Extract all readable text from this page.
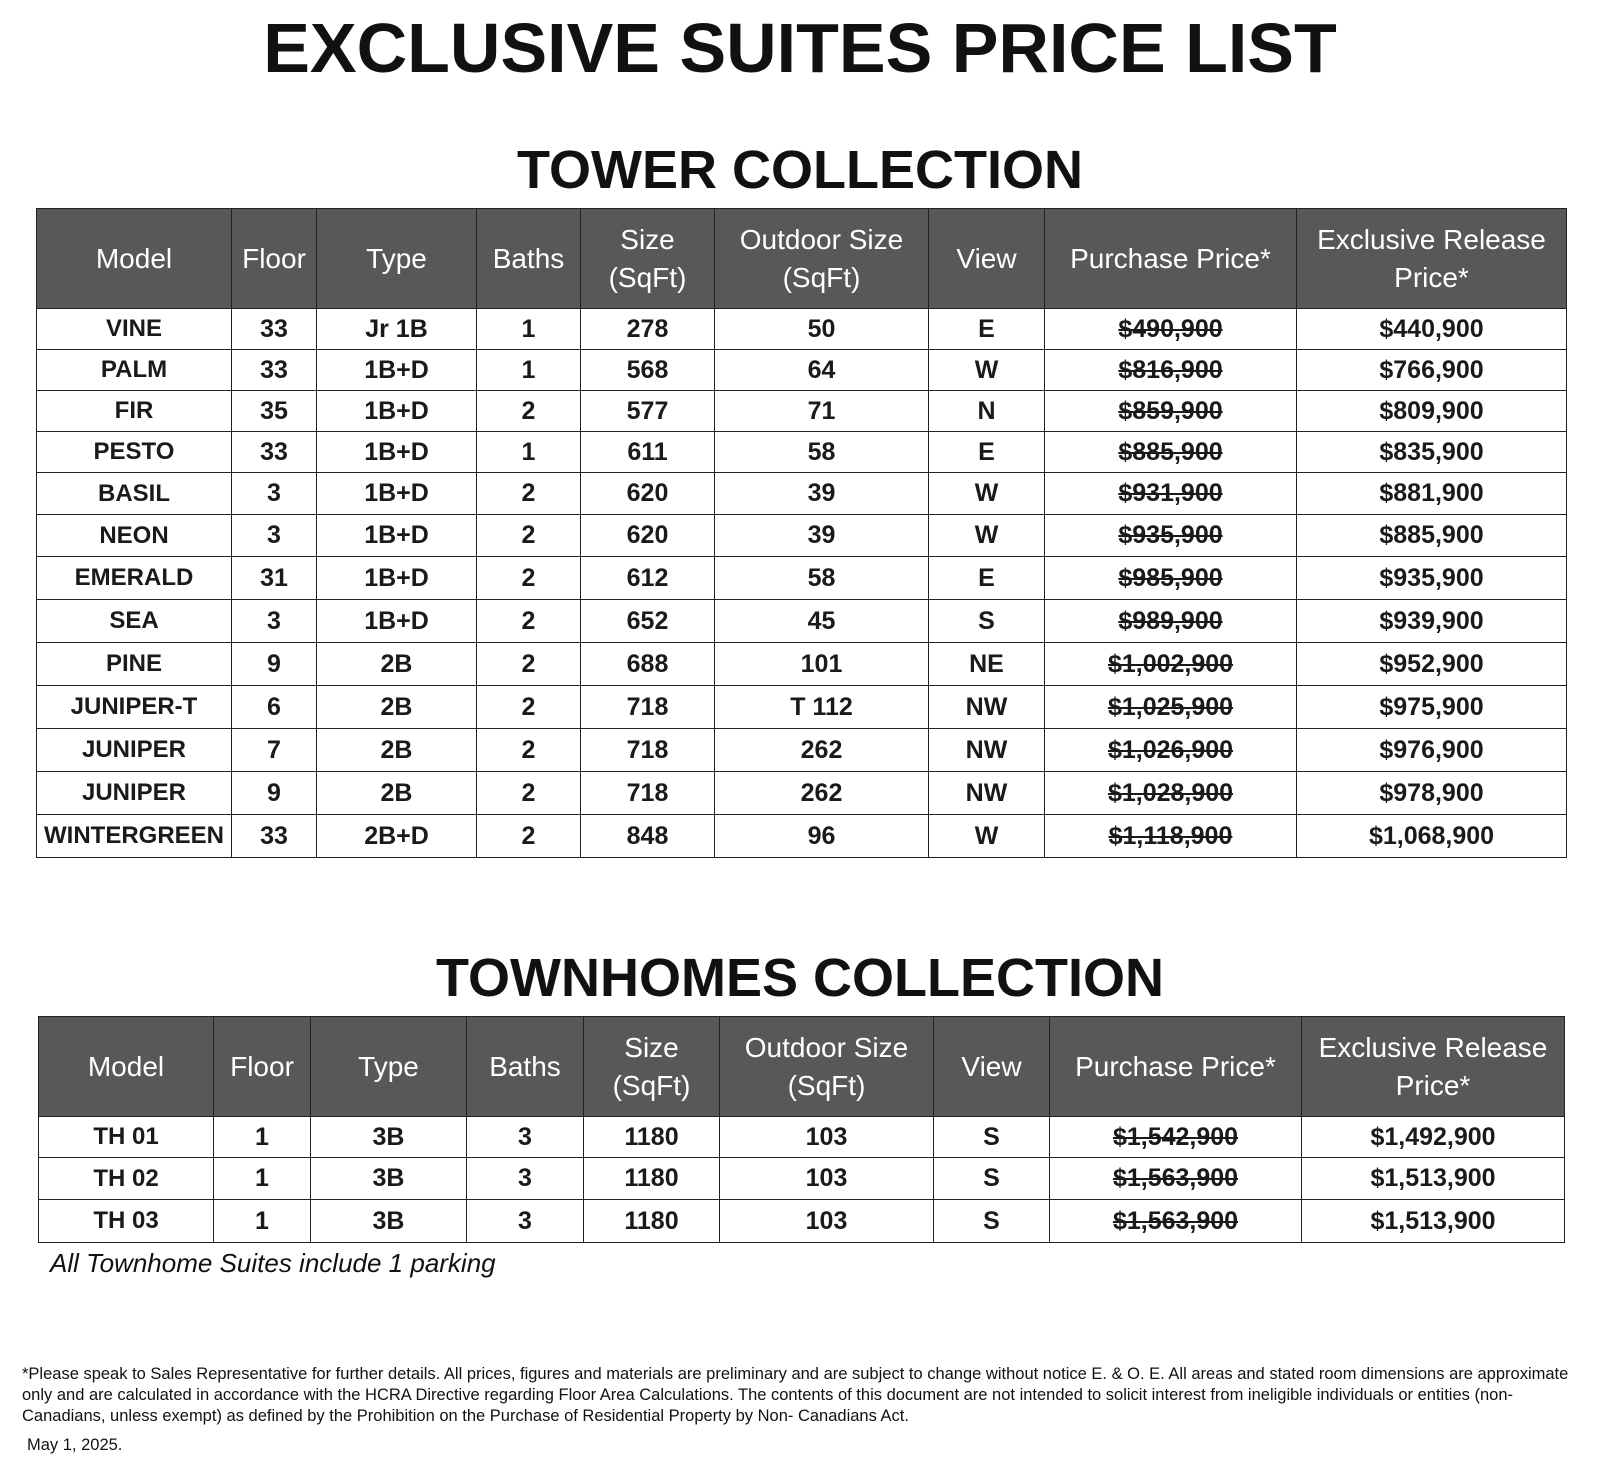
EXCLUSIVE SUITES PRICE LIST
TOWER COLLECTION
Model	Floor	Type	Baths	Size (SqFt)	Outdoor Size (SqFt)	View	Purchase Price*	Exclusive Release Price*
VINE	33	Jr 1B	1	278	50	E	$490,900	$440,900
PALM	33	1B+D	1	568	64	W	$816,900	$766,900
FIR	35	1B+D	2	577	71	N	$859,900	$809,900
PESTO	33	1B+D	1	611	58	E	$885,900	$835,900
BASIL	3	1B+D	2	620	39	W	$931,900	$881,900
NEON	3	1B+D	2	620	39	W	$935,900	$885,900
EMERALD	31	1B+D	2	612	58	E	$985,900	$935,900
SEA	3	1B+D	2	652	45	S	$989,900	$939,900
PINE	9	2B	2	688	101	NE	$1,002,900	$952,900
JUNIPER-T	6	2B	2	718	T 112	NW	$1,025,900	$975,900
JUNIPER	7	2B	2	718	262	NW	$1,026,900	$976,900
JUNIPER	9	2B	2	718	262	NW	$1,028,900	$978,900
WINTERGREEN	33	2B+D	2	848	96	W	$1,118,900	$1,068,900
TOWNHOMES COLLECTION
Model	Floor	Type	Baths	Size (SqFt)	Outdoor Size (SqFt)	View	Purchase Price*	Exclusive Release Price*
TH 01	1	3B	3	1180	103	S	$1,542,900	$1,492,900
TH 02	1	3B	3	1180	103	S	$1,563,900	$1,513,900
TH 03	1	3B	3	1180	103	S	$1,563,900	$1,513,900
All Townhome Suites include 1 parking
*Please speak to Sales Representative for further details. All prices, figures and materials are preliminary and are subject to change without notice E. & O. E. All areas and stated room dimensions are approximate only and are calculated in accordance with the HCRA Directive regarding Floor Area Calculations. The contents of this document are not intended to solicit interest from ineligible individuals or entities (non-Canadians, unless exempt) as defined by the Prohibition on the Purchase of Residential Property by Non- Canadians Act.
May 1, 2025.
